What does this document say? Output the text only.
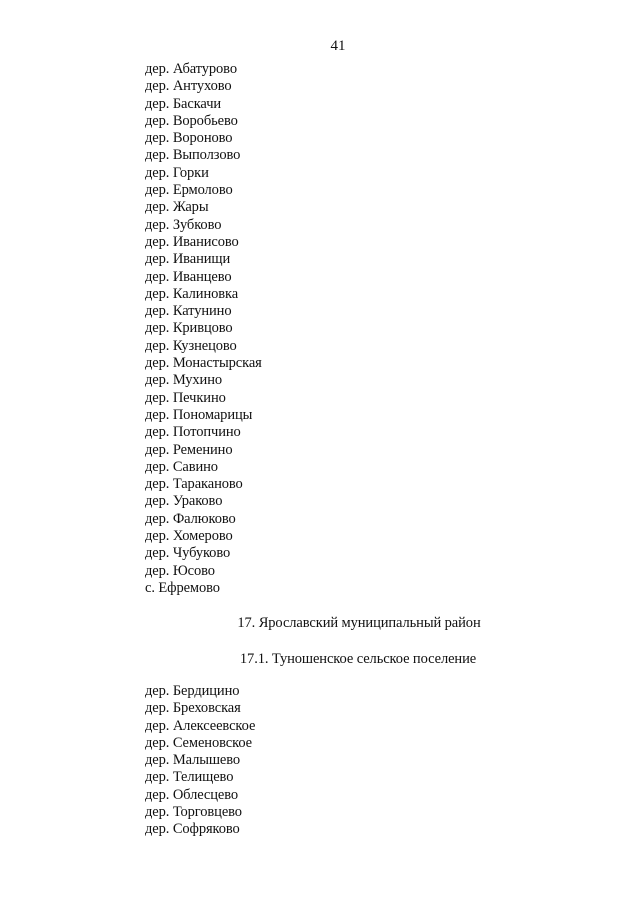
41
дер. Абатурово
дер. Антухово
дер. Баскачи
дер. Воробьево
дер. Вороново
дер. Выползово
дер. Горки
дер. Ермолово
дер. Жары
дер. Зубково
дер. Иванисово
дер. Иванищи
дер. Иванцево
дер. Калиновка
дер. Катунино
дер. Кривцово
дер. Кузнецово
дер. Монастырская
дер. Мухино
дер. Печкино
дер. Пономарицы
дер. Потопчино
дер. Ременино
дер. Савино
дер. Тараканово
дер. Ураково
дер. Фалюково
дер. Хомерово
дер. Чубуково
дер. Юсово
с. Ефремово
17. Ярославский муниципальный район
17.1. Туношенское сельское поселение
дер. Бердицино
дер. Бреховская
дер. Алексеевское
дер. Семеновское
дер. Малышево
дер. Телищево
дер. Облесцево
дер. Торговцево
дер. Софряково
